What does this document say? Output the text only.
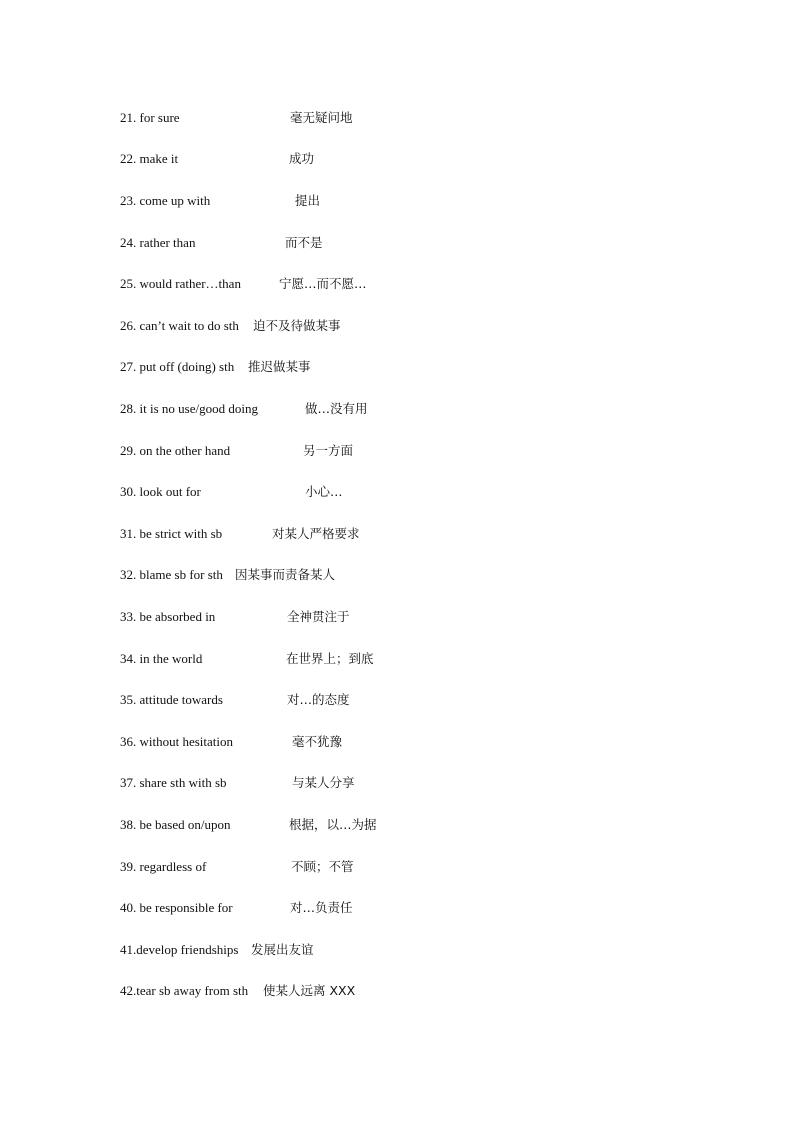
21. for sure	毫无疑问地
22. make it	成功
23. come up with	提出
24. rather than	而不是
25. would rather…than	宁愿…而不愿…
26. can’t wait to do sth 迫不及待做某事
27. put off (doing) sth 推迟做某事
28. it is no use/good doing	做…没有用
29. on the other hand	另一方面
30. look out for	小心…
31. be strict with sb	对某人严格要求
32. blame sb for sth 因某事而责备某人
33. be absorbed in	全神贯注于
34. in the world	在世界上；到底
35. attitude towards	对…的态度
36. without hesitation	毫不犹豫
37. share sth with sb	与某人分享
38. be based on/upon	根据，以…为据
39. regardless of	不顾；不管
40. be responsible for	对…负责任
41.develop friendships 发展出友谊
42.tear sb away from sth 使某人远离 XXX
